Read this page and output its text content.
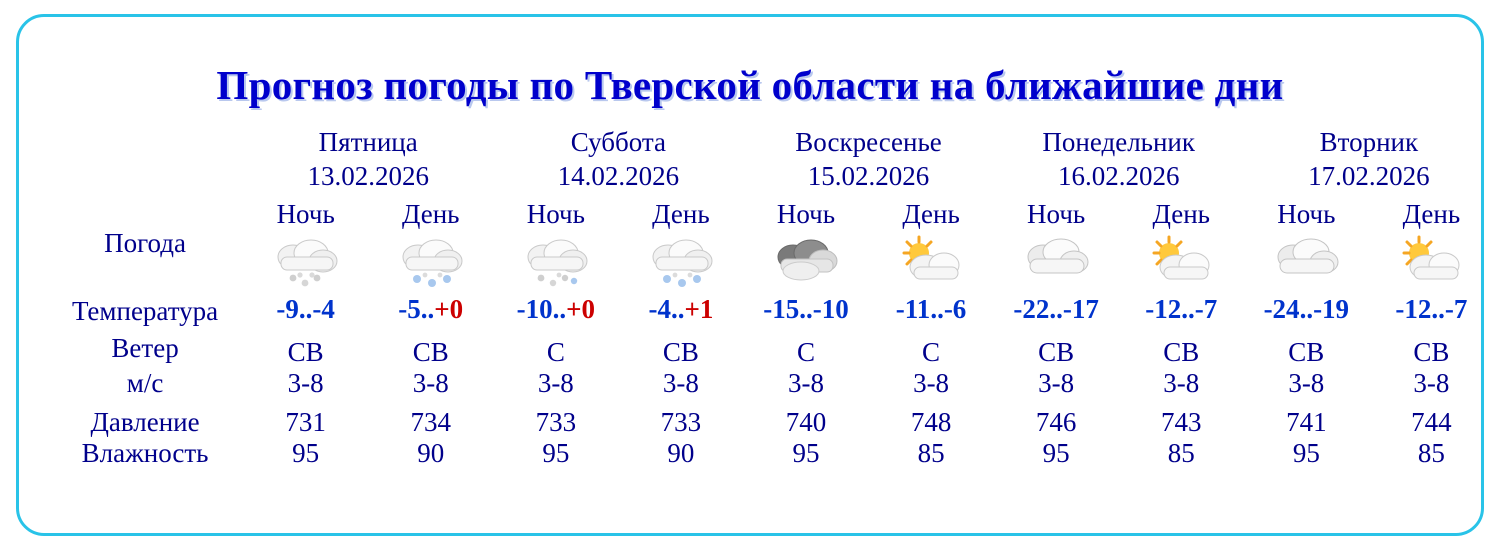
Прогноз погоды по Тверской области на ближайшие дни

Пятница
13.02.2026

Суббота
14.02.2026

Воскресенье
15.02.2026

Понедельник
16.02.2026

Вторник
17.02.2026

Погода	Ночь	День	Ночь	День	Ночь	День	Ночь	День	Ночь	День

Температура	-9..-4	-5..+0	-10..+0	-4..+1	-15..-10	-11..-6	-22..-17	-12..-7	-24..-19	-12..-7
Ветер	СВ	СВ	С	СВ	С	С	СВ	СВ	СВ	СВ
м/с	3-8	3-8	3-8	3-8	3-8	3-8	3-8	3-8	3-8	3-8
Давление	731	734	733	733	740	748	746	743	741	744
Влажность	95	90	95	90	95	85	95	85	95	85
